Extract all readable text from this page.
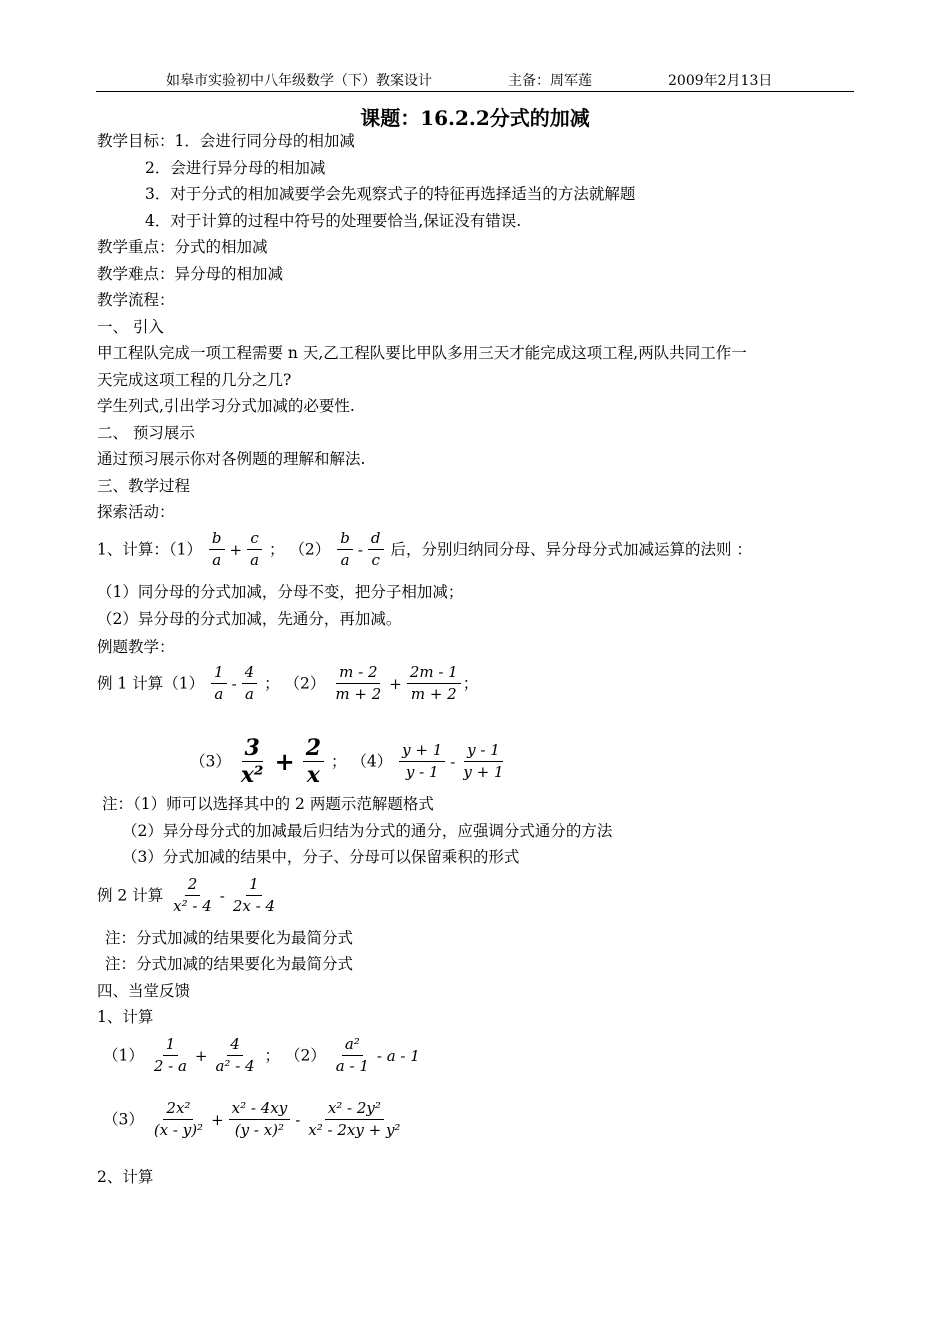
如皋市实验初中八年级数学（下）教案设计	主备：周军莲	2009年2月13日
课题：16.2.2分式的加减
教学目标：1．会进行同分母的相加减
2．会进行异分母的相加减
3．对于分式的相加减要学会先观察式子的特征再选择适当的方法就解题
4．对于计算的过程中符号的处理要恰当,保证没有错误.
教学重点：分式的相加减
教学难点：异分母的相加减
教学流程：
一、 引入
甲工程队完成一项工程需要 n 天,乙工程队要比甲队多用三天才能完成这项工程,两队共同工作一
天完成这项工程的几分之几?
学生列式,引出学习分式加减的必要性.
二、 预习展示
通过预习展示你对各例题的理解和解法.
三、教学过程
探索活动：
1、计算：$(1) \frac{b}{a} + \frac{c}{a}$ ； $(2) \frac{b}{a} - \frac{d}{c}$ 后，分别归纳同分母、异分母分式加减运算的法则 ：
（1）同分母的分式加减，分母不变，把分子相加减；
（2）异分母的分式加减，先通分，再加减。
例题教学：
例 1 计算$(1) \frac{1}{a} - \frac{4}{a}$ ； $(2) \frac{m - 2}{m + 2} + \frac{2m - 1}{m + 2}$ ；
$(3) \frac{3}{\text{x²}} + \frac{2}{x}$ ； $(4) \frac{y + 1}{y - 1} - \frac{y - 1}{y + 1}$
注：（1）师可以选择其中的 2 两题示范解题格式
（2）异分母分式的加减最后归结为分式的通分，应强调分式通分的方法
（3）分式加减的结果中，分子、分母可以保留乘积的形式
例 2 计算 $\frac{2}{\text{x² - 4}} - \frac{1}{2x - 4}$
注：分式加减的结果要化为最简分式
注：分式加减的结果要化为最简分式
四、当堂反馈
1、计算
$(1) \frac{1}{2 - a} + \frac{4}{\text{a² - 4}}$ ； $(2) \frac{\text{a²}}{a - 1}$ - a - 1
$(3) \frac{\text{2x²}}{\text{(x - y)²}} + \frac{\text{x² - 4xy}}{\text{(y - x)²}} - \frac{\text{x² - 2y²}}{\text{x² - 2xy + y²}}$
2、计算
